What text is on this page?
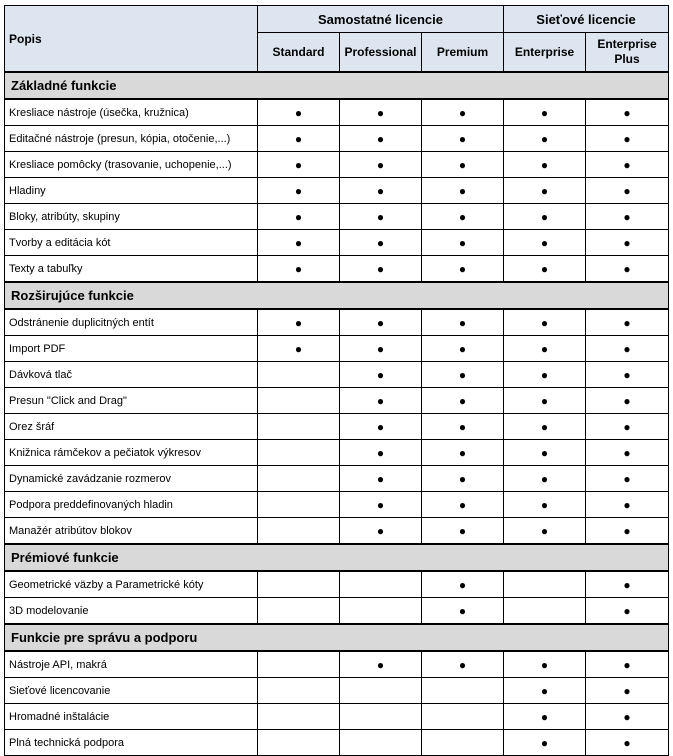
Popis	Samostatné licencie			Sieťové licencie	
	Standard	Professional	Premium	Enterprise	Enterprise Plus
Základné funkcie					
Kresliace nástroje (úsečka, kružnica)	●	●	●	●	●
Editačné nástroje (presun, kópia, otočenie,...)	●	●	●	●	●
Kresliace pomôcky (trasovanie, uchopenie,...)	●	●	●	●	●
Hladiny	●	●	●	●	●
Bloky, atribúty, skupiny	●	●	●	●	●
Tvorby a editácia kót	●	●	●	●	●
Texty a tabuľky	●	●	●	●	●
Rozširujúce funkcie					
Odstránenie duplicitných entít	●	●	●	●	●
Import PDF	●	●	●	●	●
Dávková tlač		●	●	●	●
Presun "Click and Drag"		●	●	●	●
Orez šráf		●	●	●	●
Knižnica rámčekov a pečiatok výkresov		●	●	●	●
Dynamické zavádzanie rozmerov		●	●	●	●
Podpora preddefinovaných hladin		●	●	●	●
Manažér atribútov blokov		●	●	●	●
Prémiové funkcie					
Geometrické väzby a Parametrické kóty			●		●
3D modelovanie			●		●
Funkcie pre správu a podporu					
Nástroje API, makrá		●	●	●	●
Sieťové licencovanie				●	●
Hromadné inštalácie				●	●
Plná technická podpora				●	●
